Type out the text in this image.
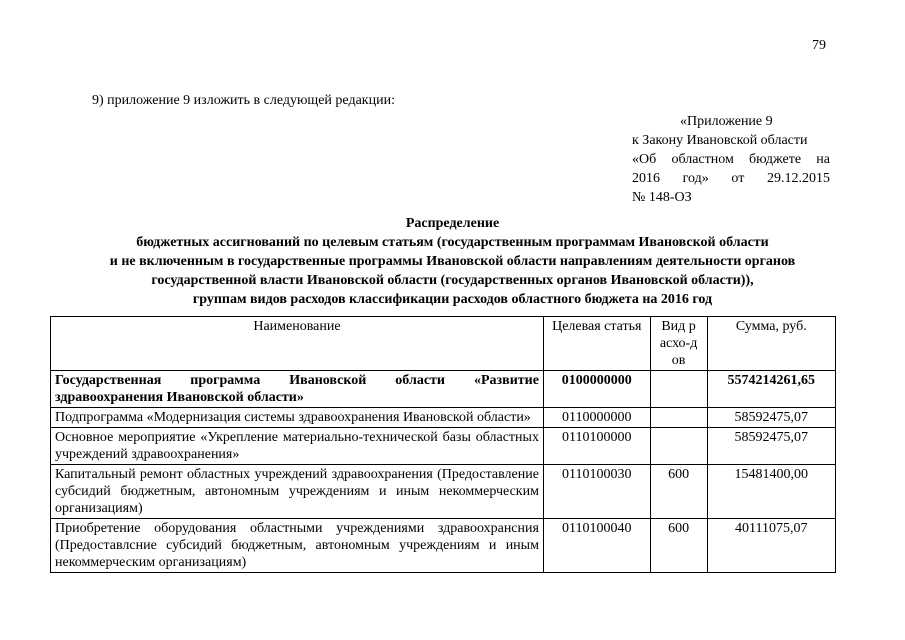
79
9) приложение 9 изложить в следующей редакции:
«Приложение 9
к Закону Ивановской области
«Об областном бюджете на
2016 год» от 29.12.2015
№ 148-ОЗ
Распределение
бюджетных ассигнований по целевым статьям (государственным программам Ивановской области
и не включенным в государственные программы Ивановской области направлениям деятельности органов
государственной власти Ивановской области (государственных органов Ивановской области)),
группам видов расходов классификации расходов областного бюджета на 2016 год
Наименование	Целевая статья	Вид расхо-дов	Сумма, руб.
Государственная программа Ивановской области «Развитие здравоохранения Ивановской области»	0100000000		5574214261,65
Подпрограмма «Модернизация системы здравоохранения Ивановской области»	0110000000		58592475,07
Основное мероприятие «Укрепление материально-технической базы областных учреждений здравоохранения»	0110100000		58592475,07
Капитальный ремонт областных учреждений здравоохранения (Предоставление субсидий бюджетным, автономным учреждениям и иным некоммерческим организациям)	0110100030	600	15481400,00
Приобретение оборудования областными учреждениями здравоохрансния (Предоставлсние субсидий бюджетным, автономным учреждениям и иным некоммерческим организациям)	0110100040	600	40111075,07
